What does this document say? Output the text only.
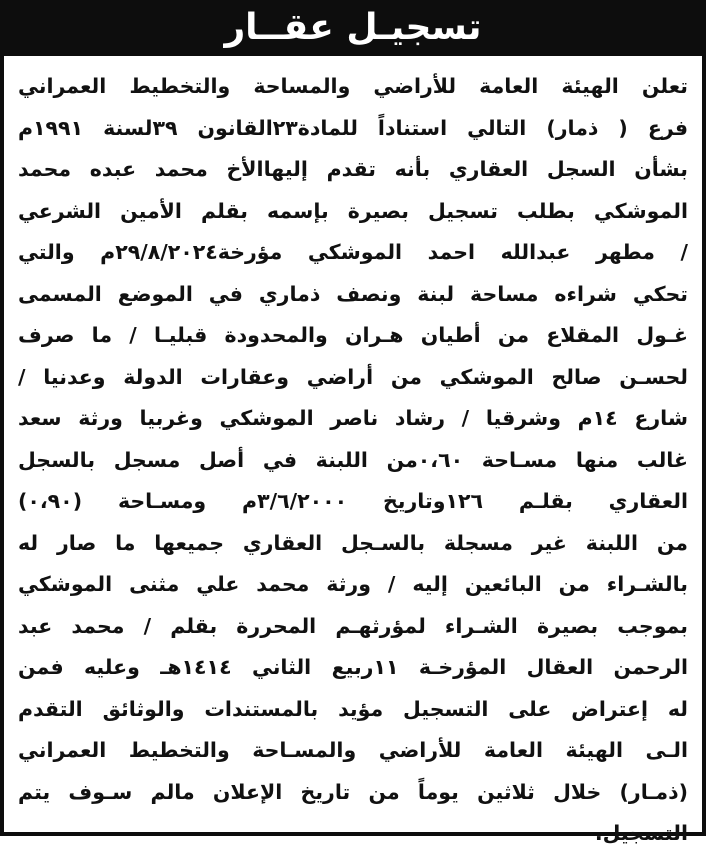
تسجيـل عقــار
تعلن الهيئة العامة للأراضي والمساحة والتخطيط العمراني
فرع ( ذمار) التالي استناداً للمادة٢٣القانون ٣٩لسنة ١٩٩١م
بشأن السجل العقاري بأنه تقدم إليهاالأخ محمد عبده محمد
الموشكي بطلب تسجيل بصيرة بإسمه بقلم الأمين الشرعي
/ مطهر عبدالله احمد الموشكي مؤرخة٢٩/٨/٢٠٢٤م والتي
تحكي شراءه مساحة لبنة ونصف ذماري في الموضع المسمى
غـول المقلاع من أطيان هـران والمحدودة قبليـا / ما صرف
لحسـن صالح الموشكي من أراضي وعقارات الدولة وعدنيا /
شارع ١٤م وشرقيا / رشاد ناصر الموشكي وغربيا ورثة سعد
غالب منها مسـاحة ٠،٦٠من اللبنة في أصل مسجل بالسجل
العقاري بقلـم ١٢٦وتاريخ ٣/٦/٢٠٠٠م ومسـاحة (٠،٩٠)
من اللبنة غير مسجلة بالسـجل العقاري جميعها ما صار له
بالشـراء من البائعين إليه / ورثة محمد علي مثنى الموشكي
بموجب بصيرة الشـراء لمؤرثهـم المحررة بقلم / محمد عبد
الرحمن العقال المؤرخـة ١١ربيع الثاني ١٤١٤هـ وعليه فمن
له إعتراض على التسجيل مؤيد بالمستندات والوثائق التقدم
الـى الهيئة العامة للأراضي والمسـاحة والتخطيط العمراني
(ذمـار) خلال ثلاثين يوماً من تاريخ الإعلان مالم سـوف يتم
التسجيل.
